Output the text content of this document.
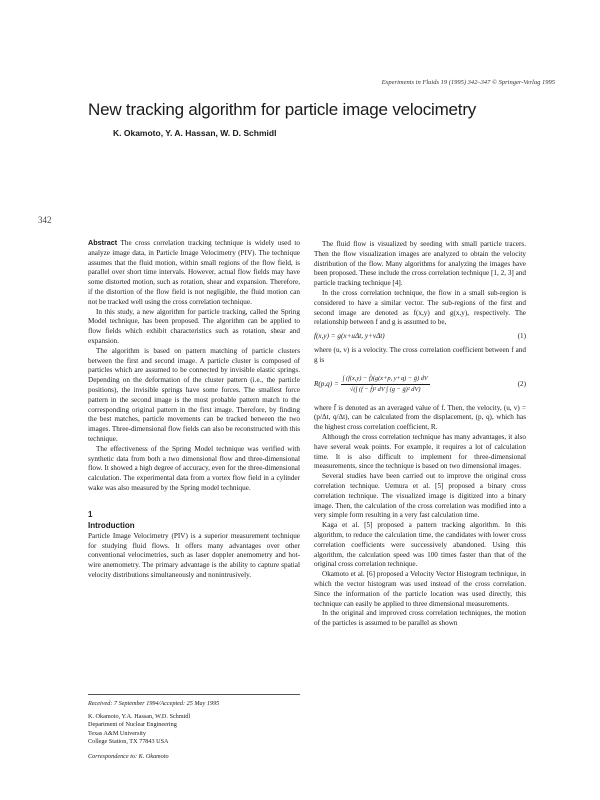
Experiments in Fluids 19 (1995) 342–347 © Springer-Verlag 1995
New tracking algorithm for particle image velocimetry
K. Okamoto, Y. A. Hassan, W. D. Schmidl
342

Abstract The cross correlation tracking technique is widely used to analyze image data, in Particle Image Velocimetry (PIV). The technique assumes that the fluid motion, within small regions of the flow field, is parallel over short time intervals. However, actual flow fields may have some distorted motion, such as rotation, shear and expansion. Therefore, if the distortion of the flow field is not negligible, the fluid motion can not be tracked well using the cross correlation technique.

In this study, a new algorithm for particle tracking, called the Spring Model technique, has been proposed. The algorithm can be applied to flow fields which exhibit characteristics such as rotation, shear and expansion.

The algorithm is based on pattern matching of particle clusters between the first and second image. A particle cluster is composed of particles which are assumed to be connected by invisible elastic springs. Depending on the deformation of the cluster pattern (i.e., the particle positions), the invisible springs have some forces. The smallest force pattern in the second image is the most probable pattern match to the corresponding original pattern in the first image. Therefore, by finding the best matches, particle movements can be tracked between the two images. Three-dimensional flow fields can also be reconstructed with this technique.

The effectiveness of the Spring Model technique was verified with synthetic data from both a two dimensional flow and three-dimensional flow. It showed a high degree of accuracy, even for the three-dimensional calculation. The experimental data from a vortex flow field in a cylinder wake was also measured by the Spring model technique.

1
Introduction

Particle Image Velocimetry (PIV) is a superior measurement technique for studying fluid flows. It offers many advantages over other conventional velocimetries, such as laser doppler anemometry and hot-wire anemometry. The primary advantage is the ability to capture spatial velocity distributions simultaneously and nonintrusively.

Received: 7 September 1994/Accepted: 25 May 1995
K. Okamoto, Y.A. Hassan, W.D. Schmidl
Department of Nuclear Engineering
Texas A&M University
College Station, TX 77843 USA
Correspondence to: K. Okamoto

The fluid flow is visualized by seeding with small particle tracers. Then the flow visualization images are analyzed to obtain the velocity distribution of the flow. Many algorithms for analyzing the images have been proposed. These include the cross correlation technique [1, 2, 3] and particle tracking technique [4].

In the cross correlation technique, the flow in a small sub-region is considered to have a similar vector. The sub-regions of the first and second image are denoted as f(x,y) and g(x,y), respectively. The relationship between f and g is assumed to be,

f(x,y) = g(x+uΔt, y+vΔt)	(1)

where (u, v) is a velocity. The cross correlation coefficient between f and g is

$R(p,q) = \frac{\text{∫ (f(x,y) − f̄)(g(x+p, y+q) − ḡ) dV}}{\text{√(∫ (f − f̄)² dV ∫ (g − ḡ)² dV)}}$	(2)

where f̄ is denoted as an averaged value of f. Then, the velocity, (u, v) = (p/Δt, q/Δt), can be calculated from the displacement, (p, q), which has the highest cross correlation coefficient, R.

Although the cross correlation technique has many advantages, it also have several weak points. For example, it requires a lot of calculation time. It is also difficult to implement for three-dimensional measurements, since the technique is based on two dimensional images.

Several studies have been carried out to improve the original cross correlation technique. Uemura et al. [5] proposed a binary cross correlation technique. The visualized image is digitized into a binary image. Then, the calculation of the cross correlation was modified into a very simple form resulting in a very fast calculation time.

Kaga et al. [5] proposed a pattern tracking algorithm. In this algorithm, to reduce the calculation time, the candidates with lower cross correlation coefficients were successively abandoned. Using this algorithm, the calculation speed was 100 times faster than that of the original cross correlation technique.

Okamoto et al. [6] proposed a Velocity Vector Histogram technique, in which the vector histogram was used instead of the cross correlation. Since the information of the particle location was used directly, this technique can easily be applied to three dimensional measurements.

In the original and improved cross correlation techniques, the motion of the particles is assumed to be parallel as shown
